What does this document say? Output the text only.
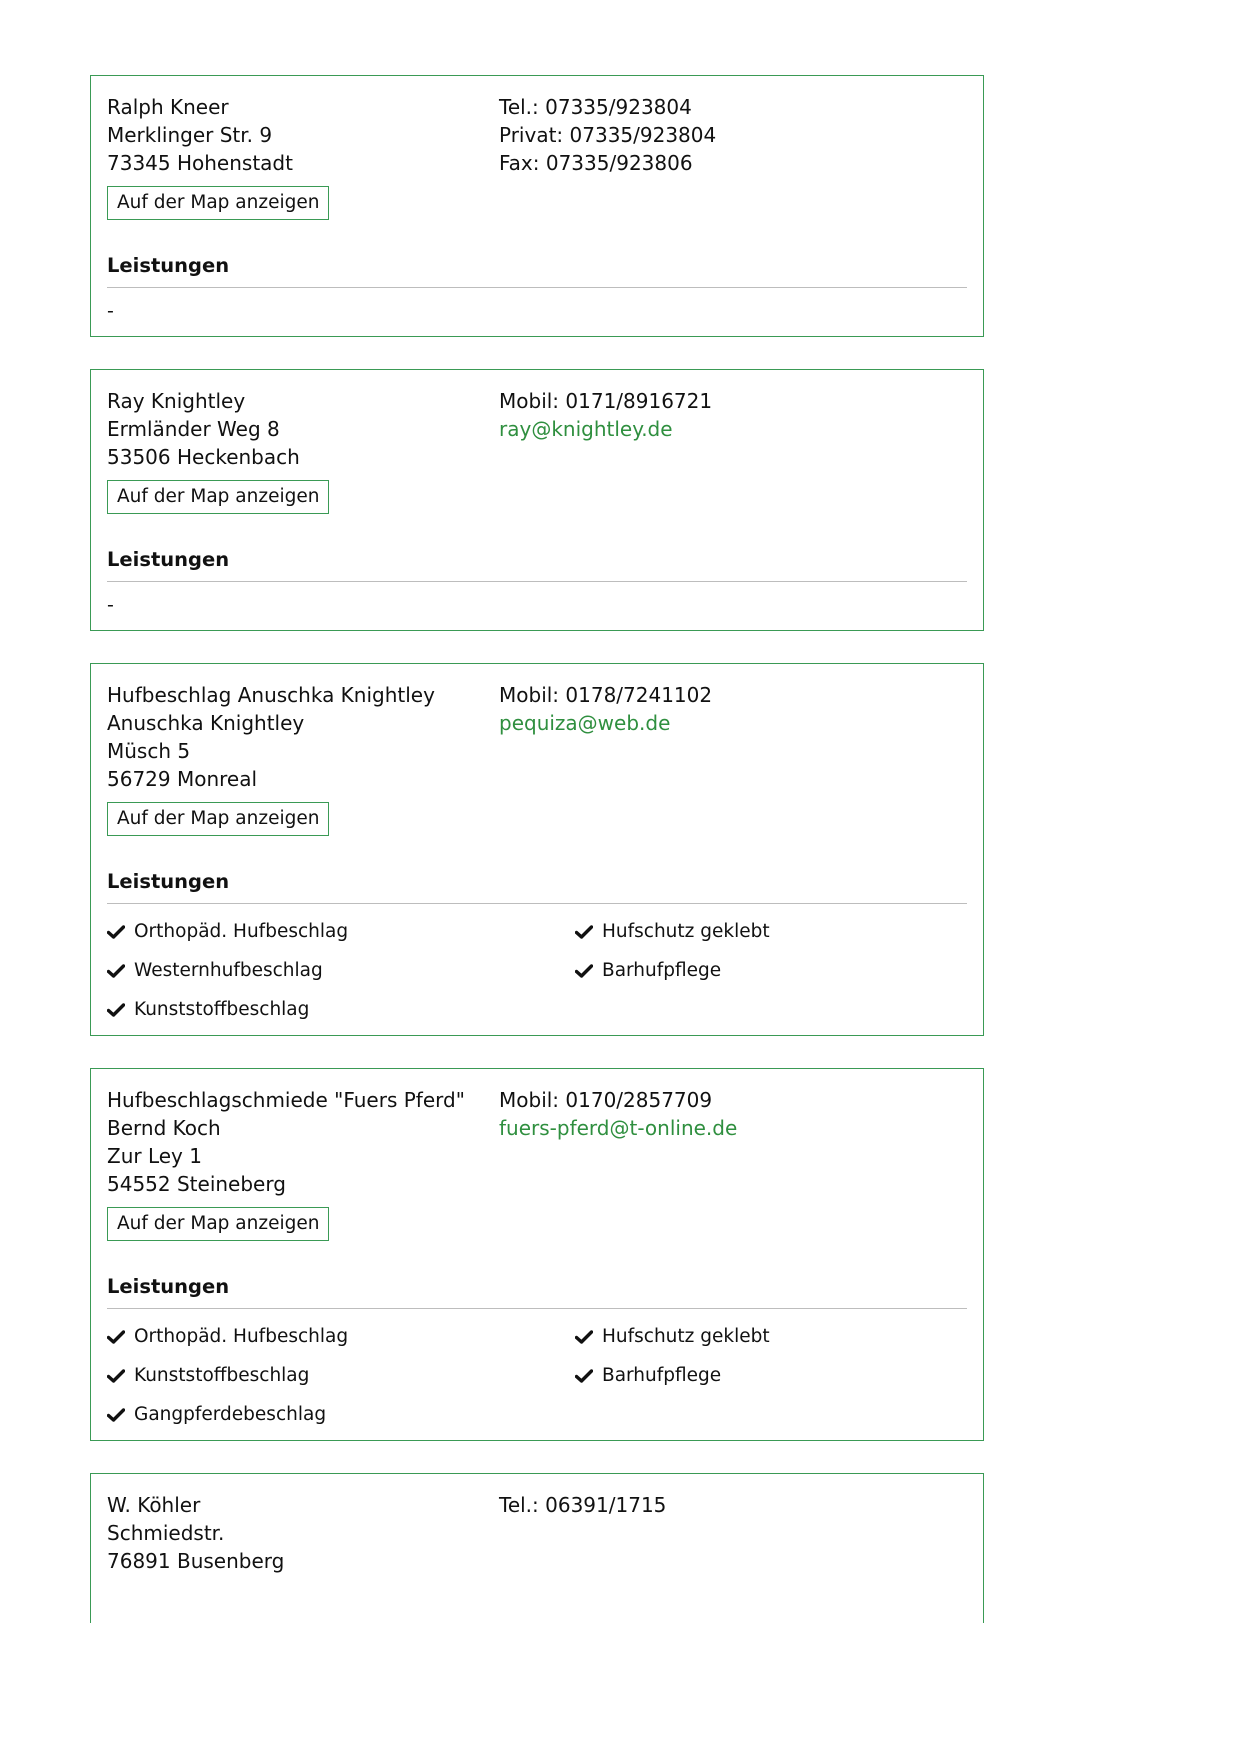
Ralph Kneer
Merklinger Str. 9
73345 Hohenstadt
Tel.: 07335/923804
Privat: 07335/923804
Fax: 07335/923806
Auf der Map anzeigen
Leistungen
-
Ray Knightley
Ermländer Weg 8
53506 Heckenbach
Mobil: 0171/8916721
ray@knightley.de
Auf der Map anzeigen
Leistungen
-
Hufbeschlag Anuschka Knightley
Anuschka Knightley
Müsch 5
56729 Monreal
Mobil: 0178/7241102
pequiza@web.de
Auf der Map anzeigen
Leistungen
Orthopäd. Hufbeschlag	Hufschutz geklebt
Westernhufbeschlag	Barhufpflege
Kunststoffbeschlag
Hufbeschlagschmiede "Fuers Pferd"
Bernd Koch
Zur Ley 1
54552 Steineberg
Mobil: 0170/2857709
fuers-pferd@t-online.de
Auf der Map anzeigen
Leistungen
Orthopäd. Hufbeschlag	Hufschutz geklebt
Kunststoffbeschlag	Barhufpflege
Gangpferdebeschlag
W. Köhler
Schmiedstr.
76891 Busenberg
Tel.: 06391/1715
